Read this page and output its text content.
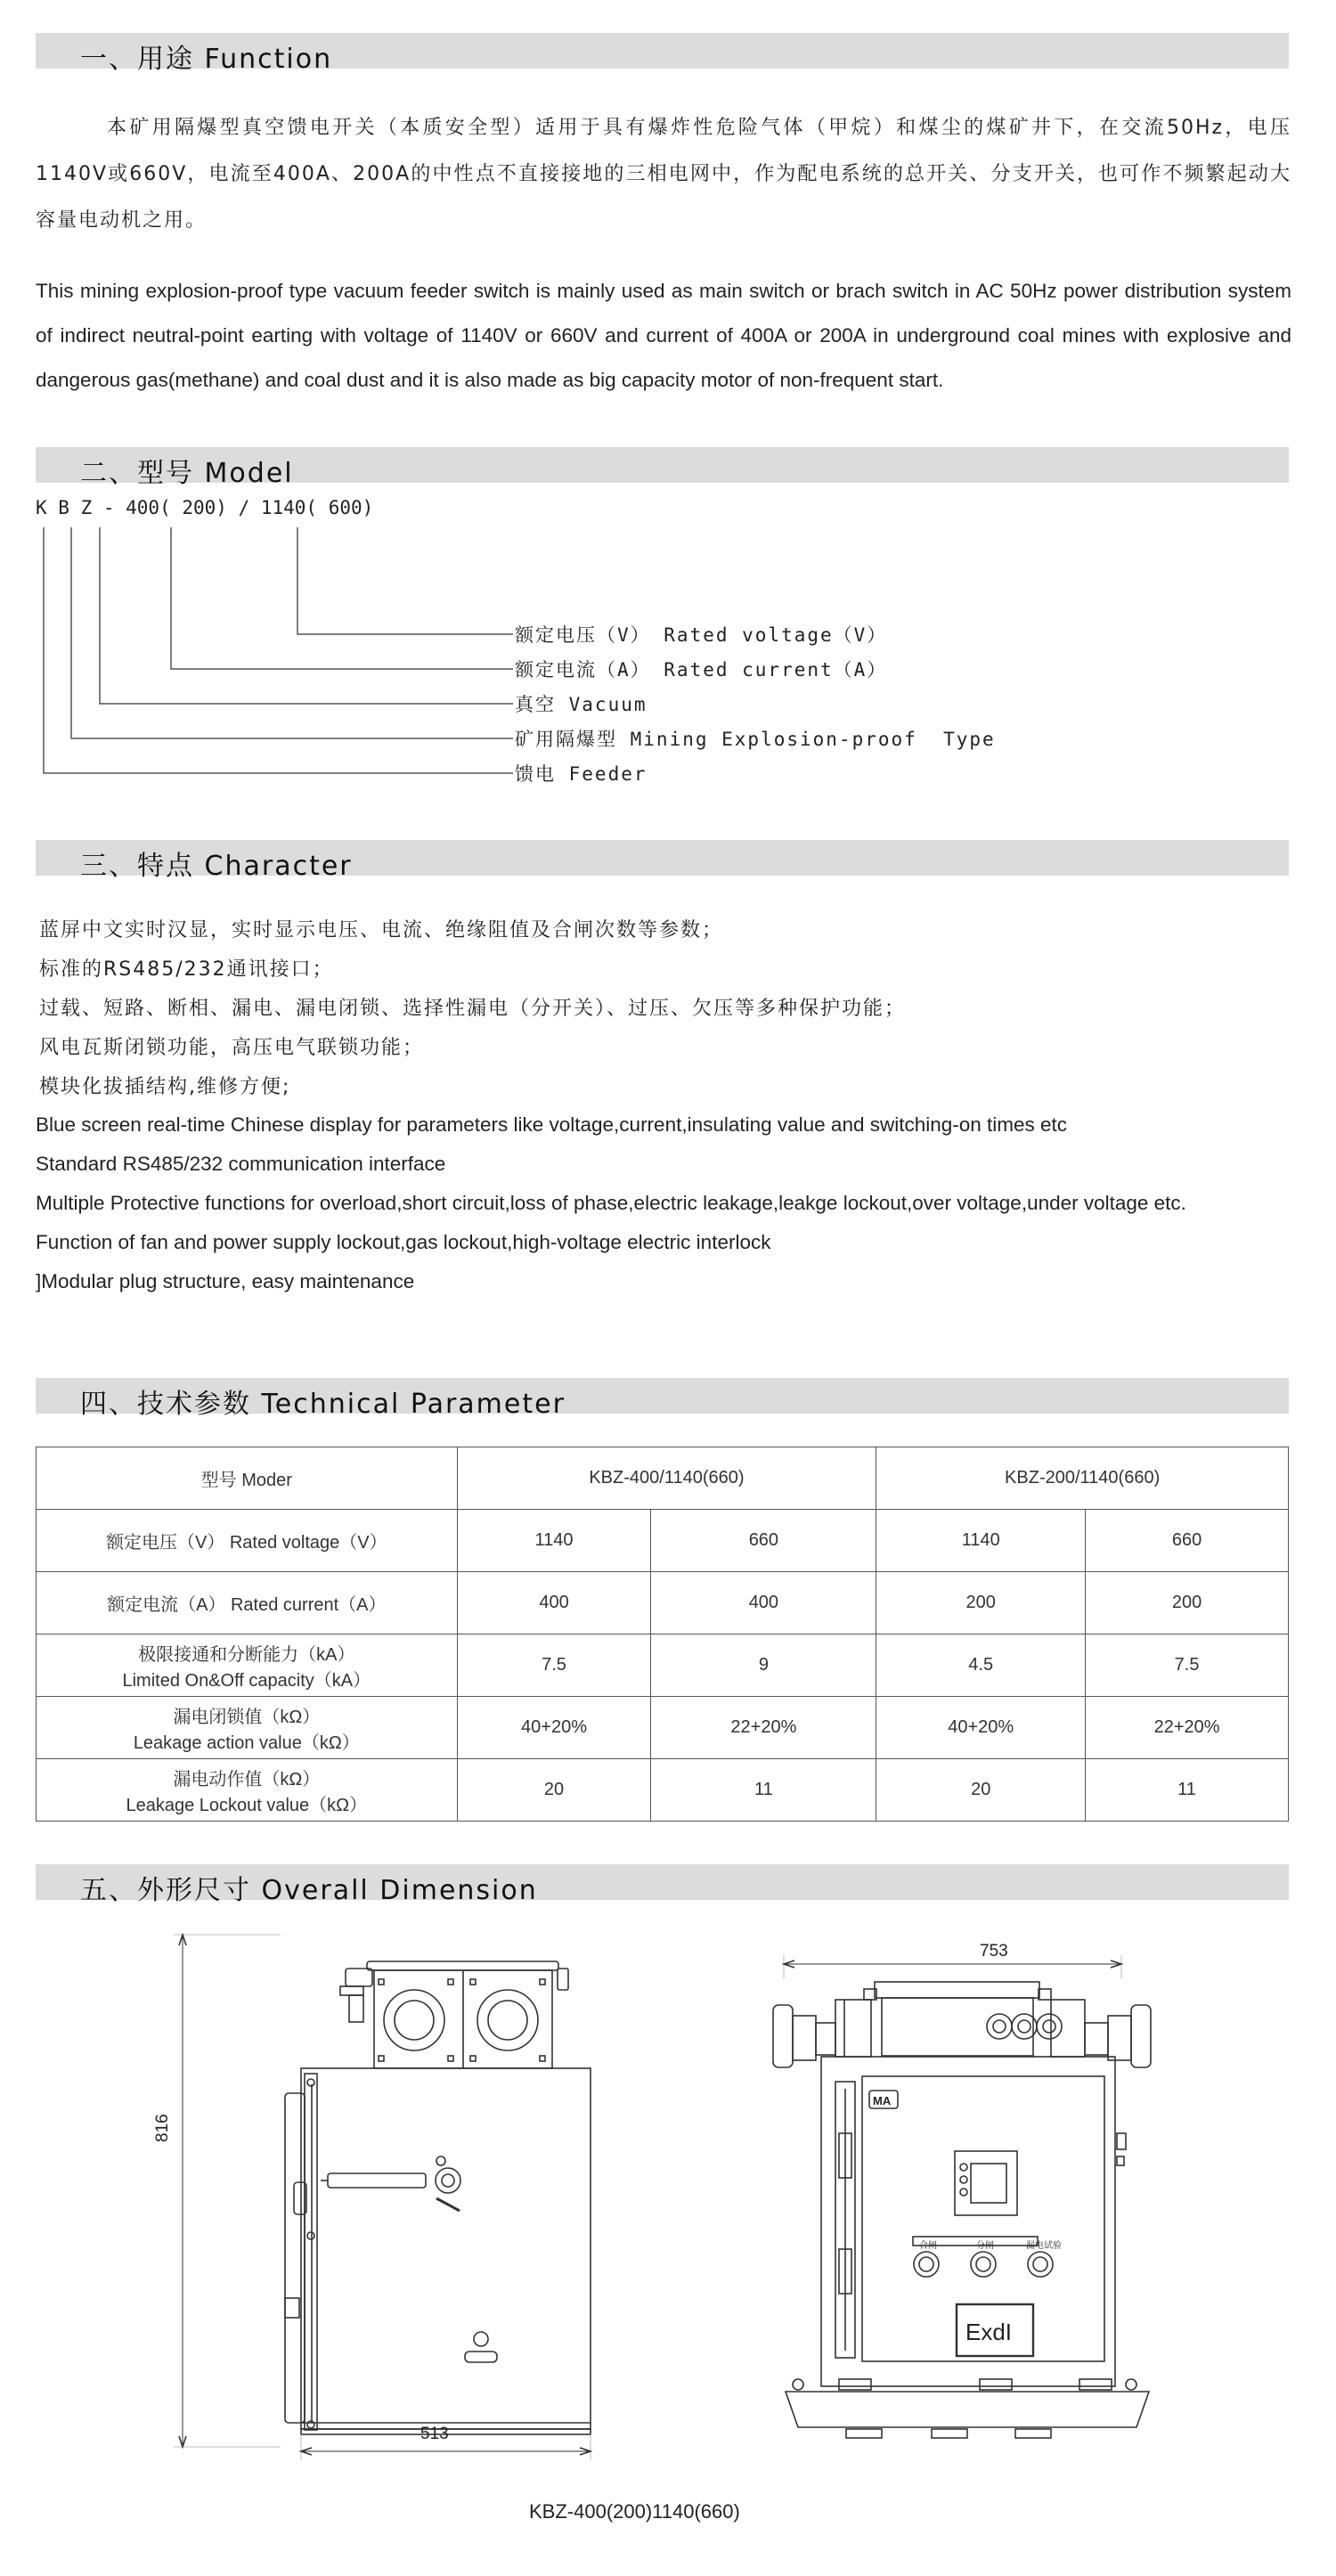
一、用途 Function

本矿用隔爆型真空馈电开关（本质安全型）适用于具有爆炸性危险气体（甲烷）和煤尘的煤矿井下，在交流50Hz，电压1140V或660V，电流至400A、200A的中性点不直接接地的三相电网中，作为配电系统的总开关、分支开关，也可作不频繁起动大容量电动机之用。

This mining explosion-proof type vacuum feeder switch is mainly used as main switch or brach switch in AC 50Hz power distribution system of indirect neutral-point earting with voltage of 1140V or 660V and current of 400A or 200A in underground coal mines with explosive and dangerous gas(methane) and coal dust and it is also made as big capacity motor of non-frequent start.

二、型号 Model
K B Z - 400( 200) / 1140( 600)
额定电压（V） Rated voltage（V）
额定电流（A） Rated current（A）
真空 Vacuum
矿用隔爆型 Mining Explosion-proof  Type
馈电 Feeder
三、特点 Character
蓝屏中文实时汉显，实时显示电压、电流、绝缘阻值及合闸次数等参数；
标准的RS485/232通讯接口；
过载、短路、断相、漏电、漏电闭锁、选择性漏电（分开关）、过压、欠压等多种保护功能；
风电瓦斯闭锁功能，高压电气联锁功能；
模块化拔插结构,维修方便;
Blue screen real-time Chinese display for parameters like voltage,current,insulating value and switching-on times etc
Standard RS485/232 communication interface
Multiple Protective functions for overload,short circuit,loss of phase,electric leakage,leakge lockout,over voltage,under voltage etc.
Function of fan and power supply lockout,gas lockout,high-voltage electric interlock
]Modular plug structure, easy maintenance
四、技术参数 Technical Parameter
型号 Moder	KBZ-400/1140(660)		KBZ-200/1140(660)	
额定电压（V） Rated voltage（V）	1140	660	1140	660
额定电流（A） Rated current（A）	400	400	200	200

极限接通和分断能力（kA）
Limited On&Off capacity（kA）	7.5	9	4.5	7.5

漏电闭锁值（kΩ）
Leakage action value（kΩ）	40+20%	22+20%	40+20%	22+20%

漏电动作值（kΩ）
Leakage Lockout value（kΩ）	20	11	20	11
五、外形尺寸 Overall Dimension
816
513
753
MA
合闸	分闸	漏电试验
ExdI
KBZ-400(200)1140(660)
